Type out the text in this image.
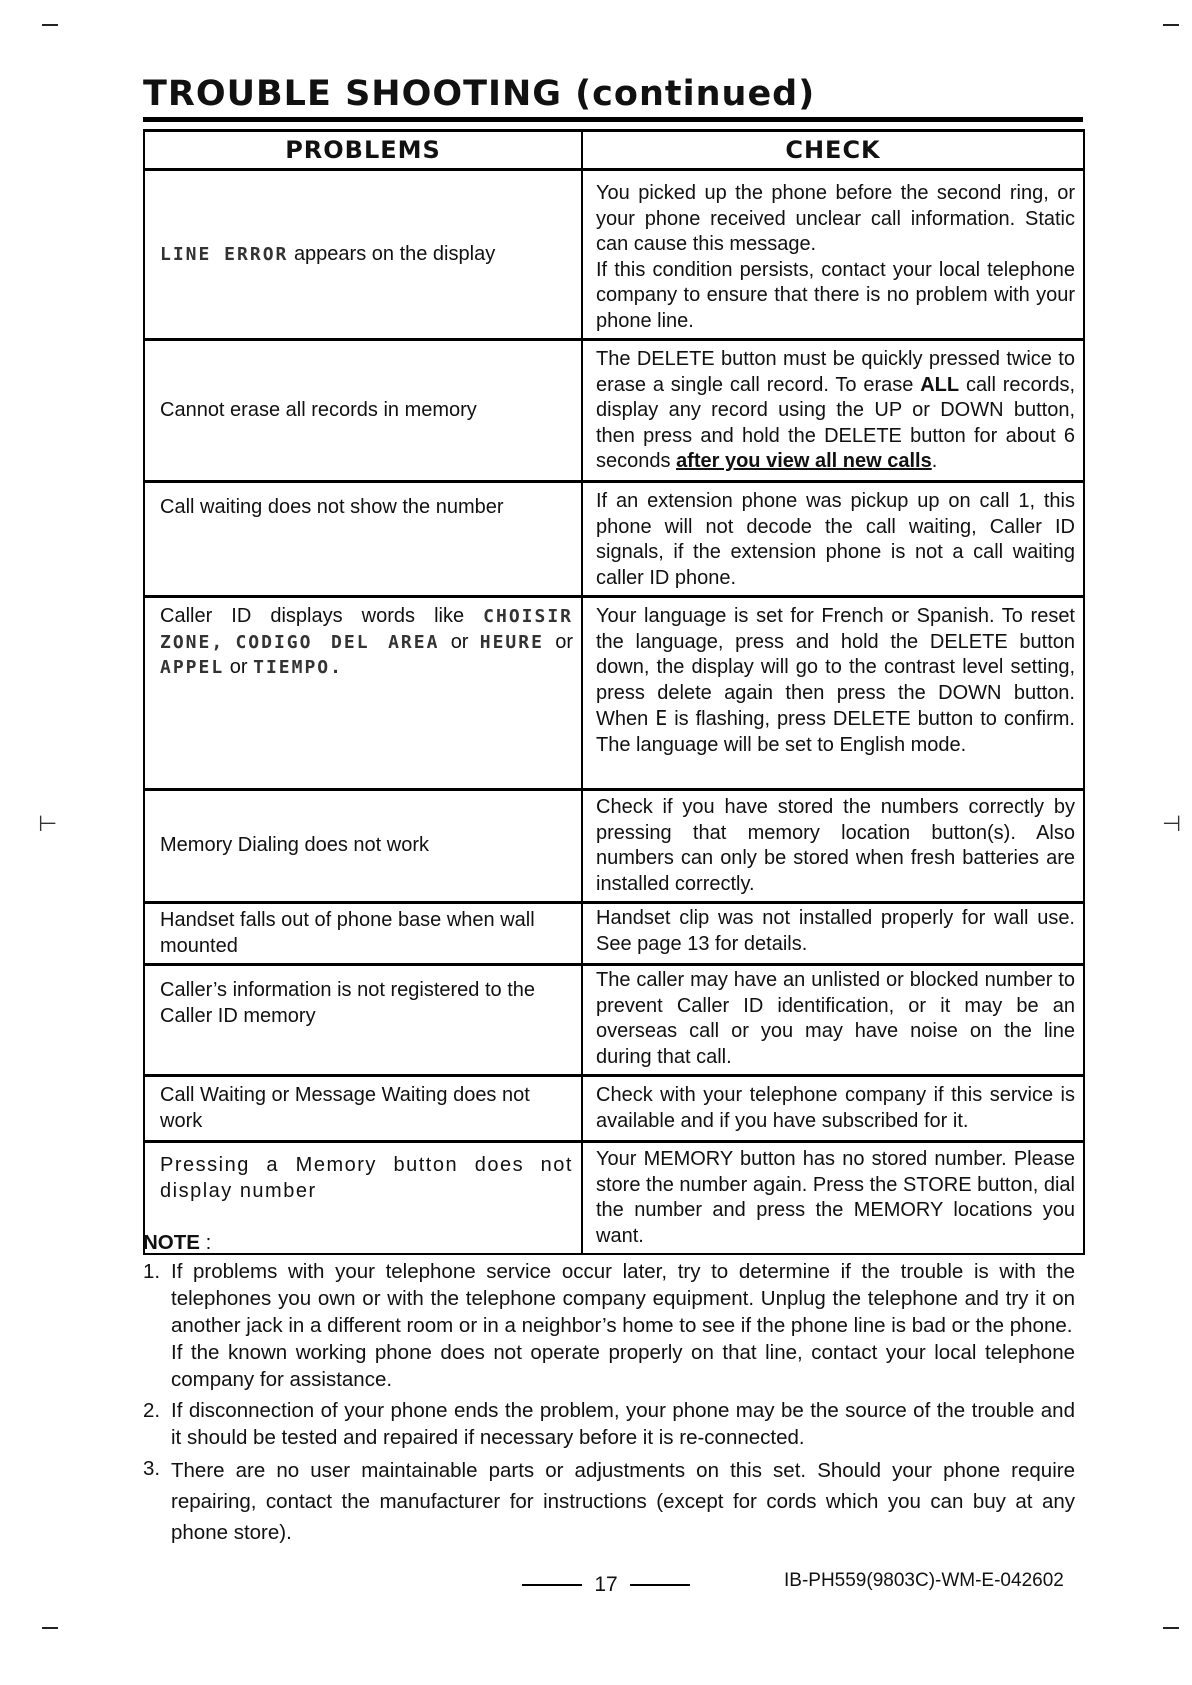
⊢	⊣
TROUBLE SHOOTING (continued)
PROBLEMS	CHECK
LINE ERROR appears on the display	You picked up the phone before the second ring, or your phone received unclear call information. Static can cause this message.
If this condition persists, contact your local telephone company to ensure that there is no problem with your phone line.

Cannot erase all records in memory	The DELETE button must be quickly pressed twice to erase a single call record. To erase ALL call records, display any record using the UP or DOWN button, then press and hold the DELETE button for about 6 seconds after you view all new calls.
Call waiting does not show the number	If an extension phone was pickup up on call 1, this phone will not decode the call waiting, Caller ID signals, if the extension phone is not a call waiting caller ID phone.
Caller ID displays words like CHOISIR ZONE, CODIGO DEL AREA or HEURE or APPEL or TIEMPO.	Your language is set for French or Spanish. To reset the language, press and hold the DELETE button down, the display will go to the contrast level setting, press delete again then press the DOWN button. When E is flashing, press DELETE button to confirm. The language will be set to English mode.
Memory Dialing does not work	Check if you have stored the numbers correctly by pressing that memory location button(s). Also numbers can only be stored when fresh batteries are installed correctly.
Handset falls out of phone base when wall mounted	Handset clip was not installed properly for wall use. See page 13 for details.
Caller’s information is not registered to the Caller ID memory	The caller may have an unlisted or blocked number to prevent Caller ID identification, or it may be an overseas call or you may have noise on the line during that call.
Call Waiting or Message Waiting does not work	Check with your telephone company if this service is available and if you have subscribed for it.
Pressing a Memory button does not display number	Your MEMORY button has no stored number. Please store the number again. Press the STORE button, dial the number and press the MEMORY locations you want.
NOTE :
1. If problems with your telephone service occur later, try to determine if the trouble is with the telephones you own or with the telephone company equipment. Unplug the telephone and try it on another jack in a different room or in a neighbor’s home to see if the phone line is bad or the phone.

If the known working phone does not operate properly on that line, contact your local telephone company for assistance.

2. If disconnection of your phone ends the problem, your phone may be the source of the trouble and it should be tested and repaired if necessary before it is re-connected.

3. There are no user maintainable parts or adjustments on this set. Should your phone require repairing, contact the manufacturer for instructions (except for cords which you can buy at any phone store).

17	IB-PH559(9803C)-WM-E-042602
